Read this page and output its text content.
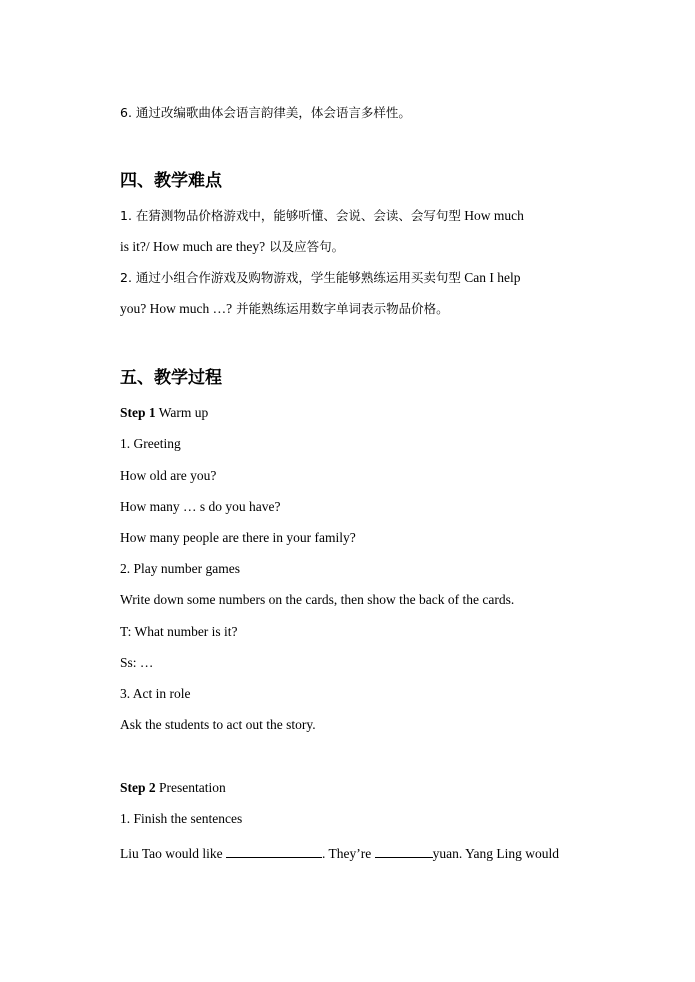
6. 通过改编歌曲体会语言韵律美，体会语言多样性。
四、教学难点
1. 在猜测物品价格游戏中，能够听懂、会说、会读、会写句型 How much
is it?/ How much are they? 以及应答句。
2. 通过小组合作游戏及购物游戏，学生能够熟练运用买卖句型 Can I help
you? How much …? 并能熟练运用数字单词表示物品价格。
五、教学过程
Step 1 Warm up
1. Greeting
How old are you?
How many … s do you have?
How many people are there in your family?
2. Play number games
Write down some numbers on the cards, then show the back of the cards.
T: What number is it?
Ss: …
3. Act in role
Ask the students to act out the story.
Step 2 Presentation
1. Finish the sentences
Liu Tao would like	. They’re	yuan. Yang Ling would
